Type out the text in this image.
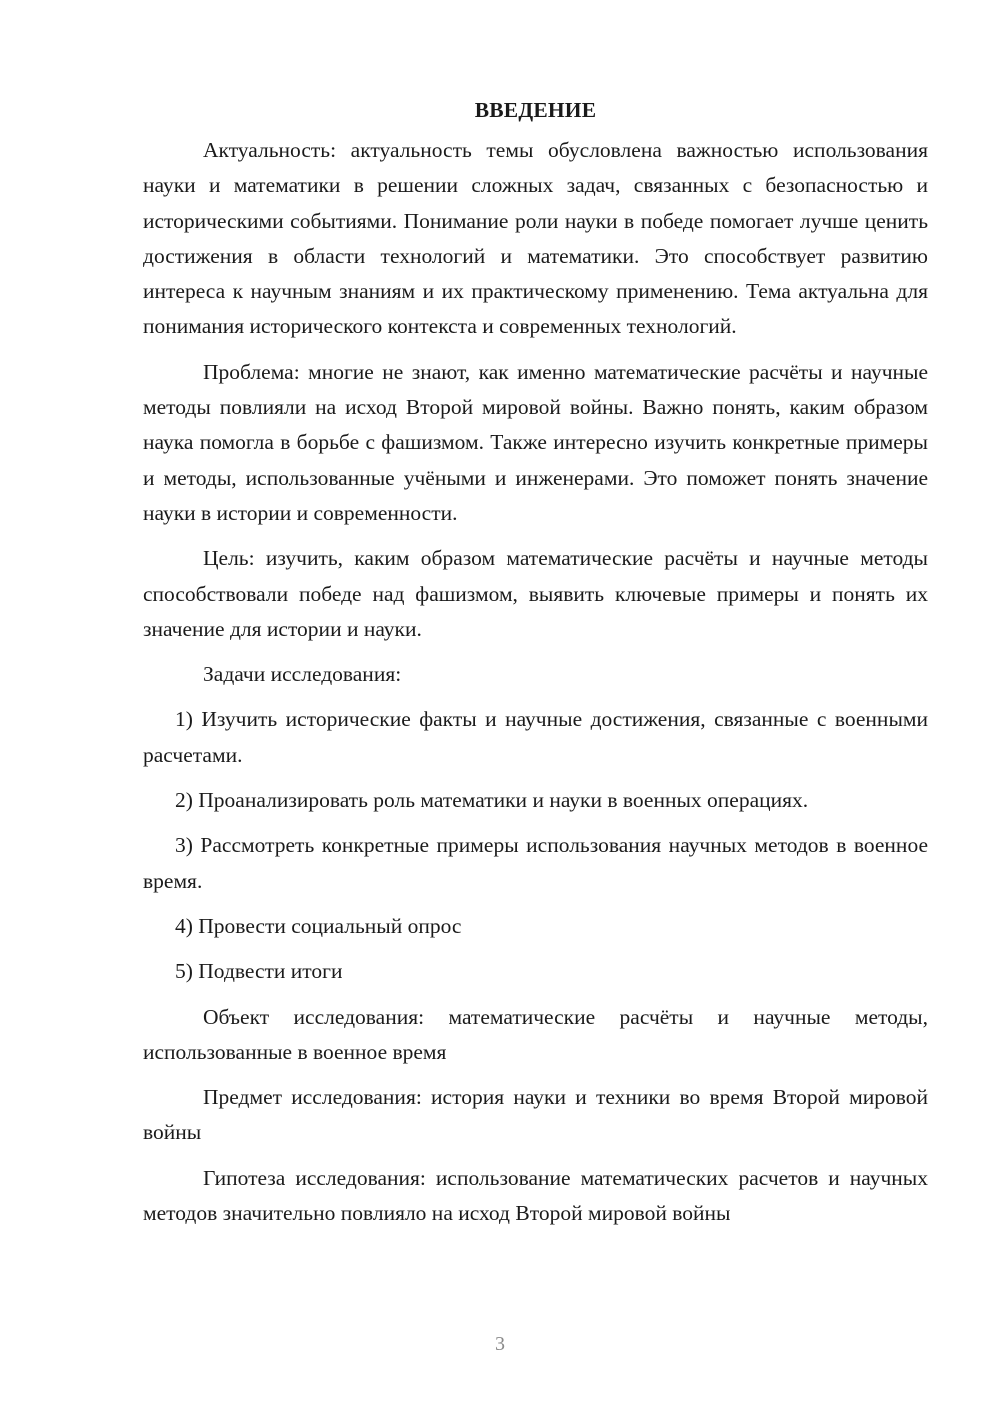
ВВЕДЕНИЕ

Актуальность: актуальность темы обусловлена важностью использования науки и математики в решении сложных задач, связанных с безопасностью и историческими событиями. Понимание роли науки в победе помогает лучше ценить достижения в области технологий и математики. Это способствует развитию интереса к научным знаниям и их практическому применению. Тема актуальна для понимания исторического контекста и современных технологий.

Проблема: многие не знают, как именно математические расчёты и научные методы повлияли на исход Второй мировой войны. Важно понять, каким образом наука помогла в борьбе с фашизмом. Также интересно изучить конкретные примеры и методы, использованные учёными и инженерами. Это поможет понять значение науки в истории и современности.

Цель: изучить, каким образом математические расчёты и научные методы способствовали победе над фашизмом, выявить ключевые примеры и понять их значение для истории и науки.

Задачи исследования:

1) Изучить исторические факты и научные достижения, связанные с военными расчетами.

2) Проанализировать роль математики и науки в военных операциях.

3) Рассмотреть конкретные примеры использования научных методов в военное время.

4) Провести социальный опрос

5) Подвести итоги

Объект исследования: математические расчёты и научные методы, использованные в военное время

Предмет исследования: история науки и техники во время Второй мировой войны

Гипотеза исследования: использование математических расчетов и научных методов значительно повлияло на исход Второй мировой войны

3
